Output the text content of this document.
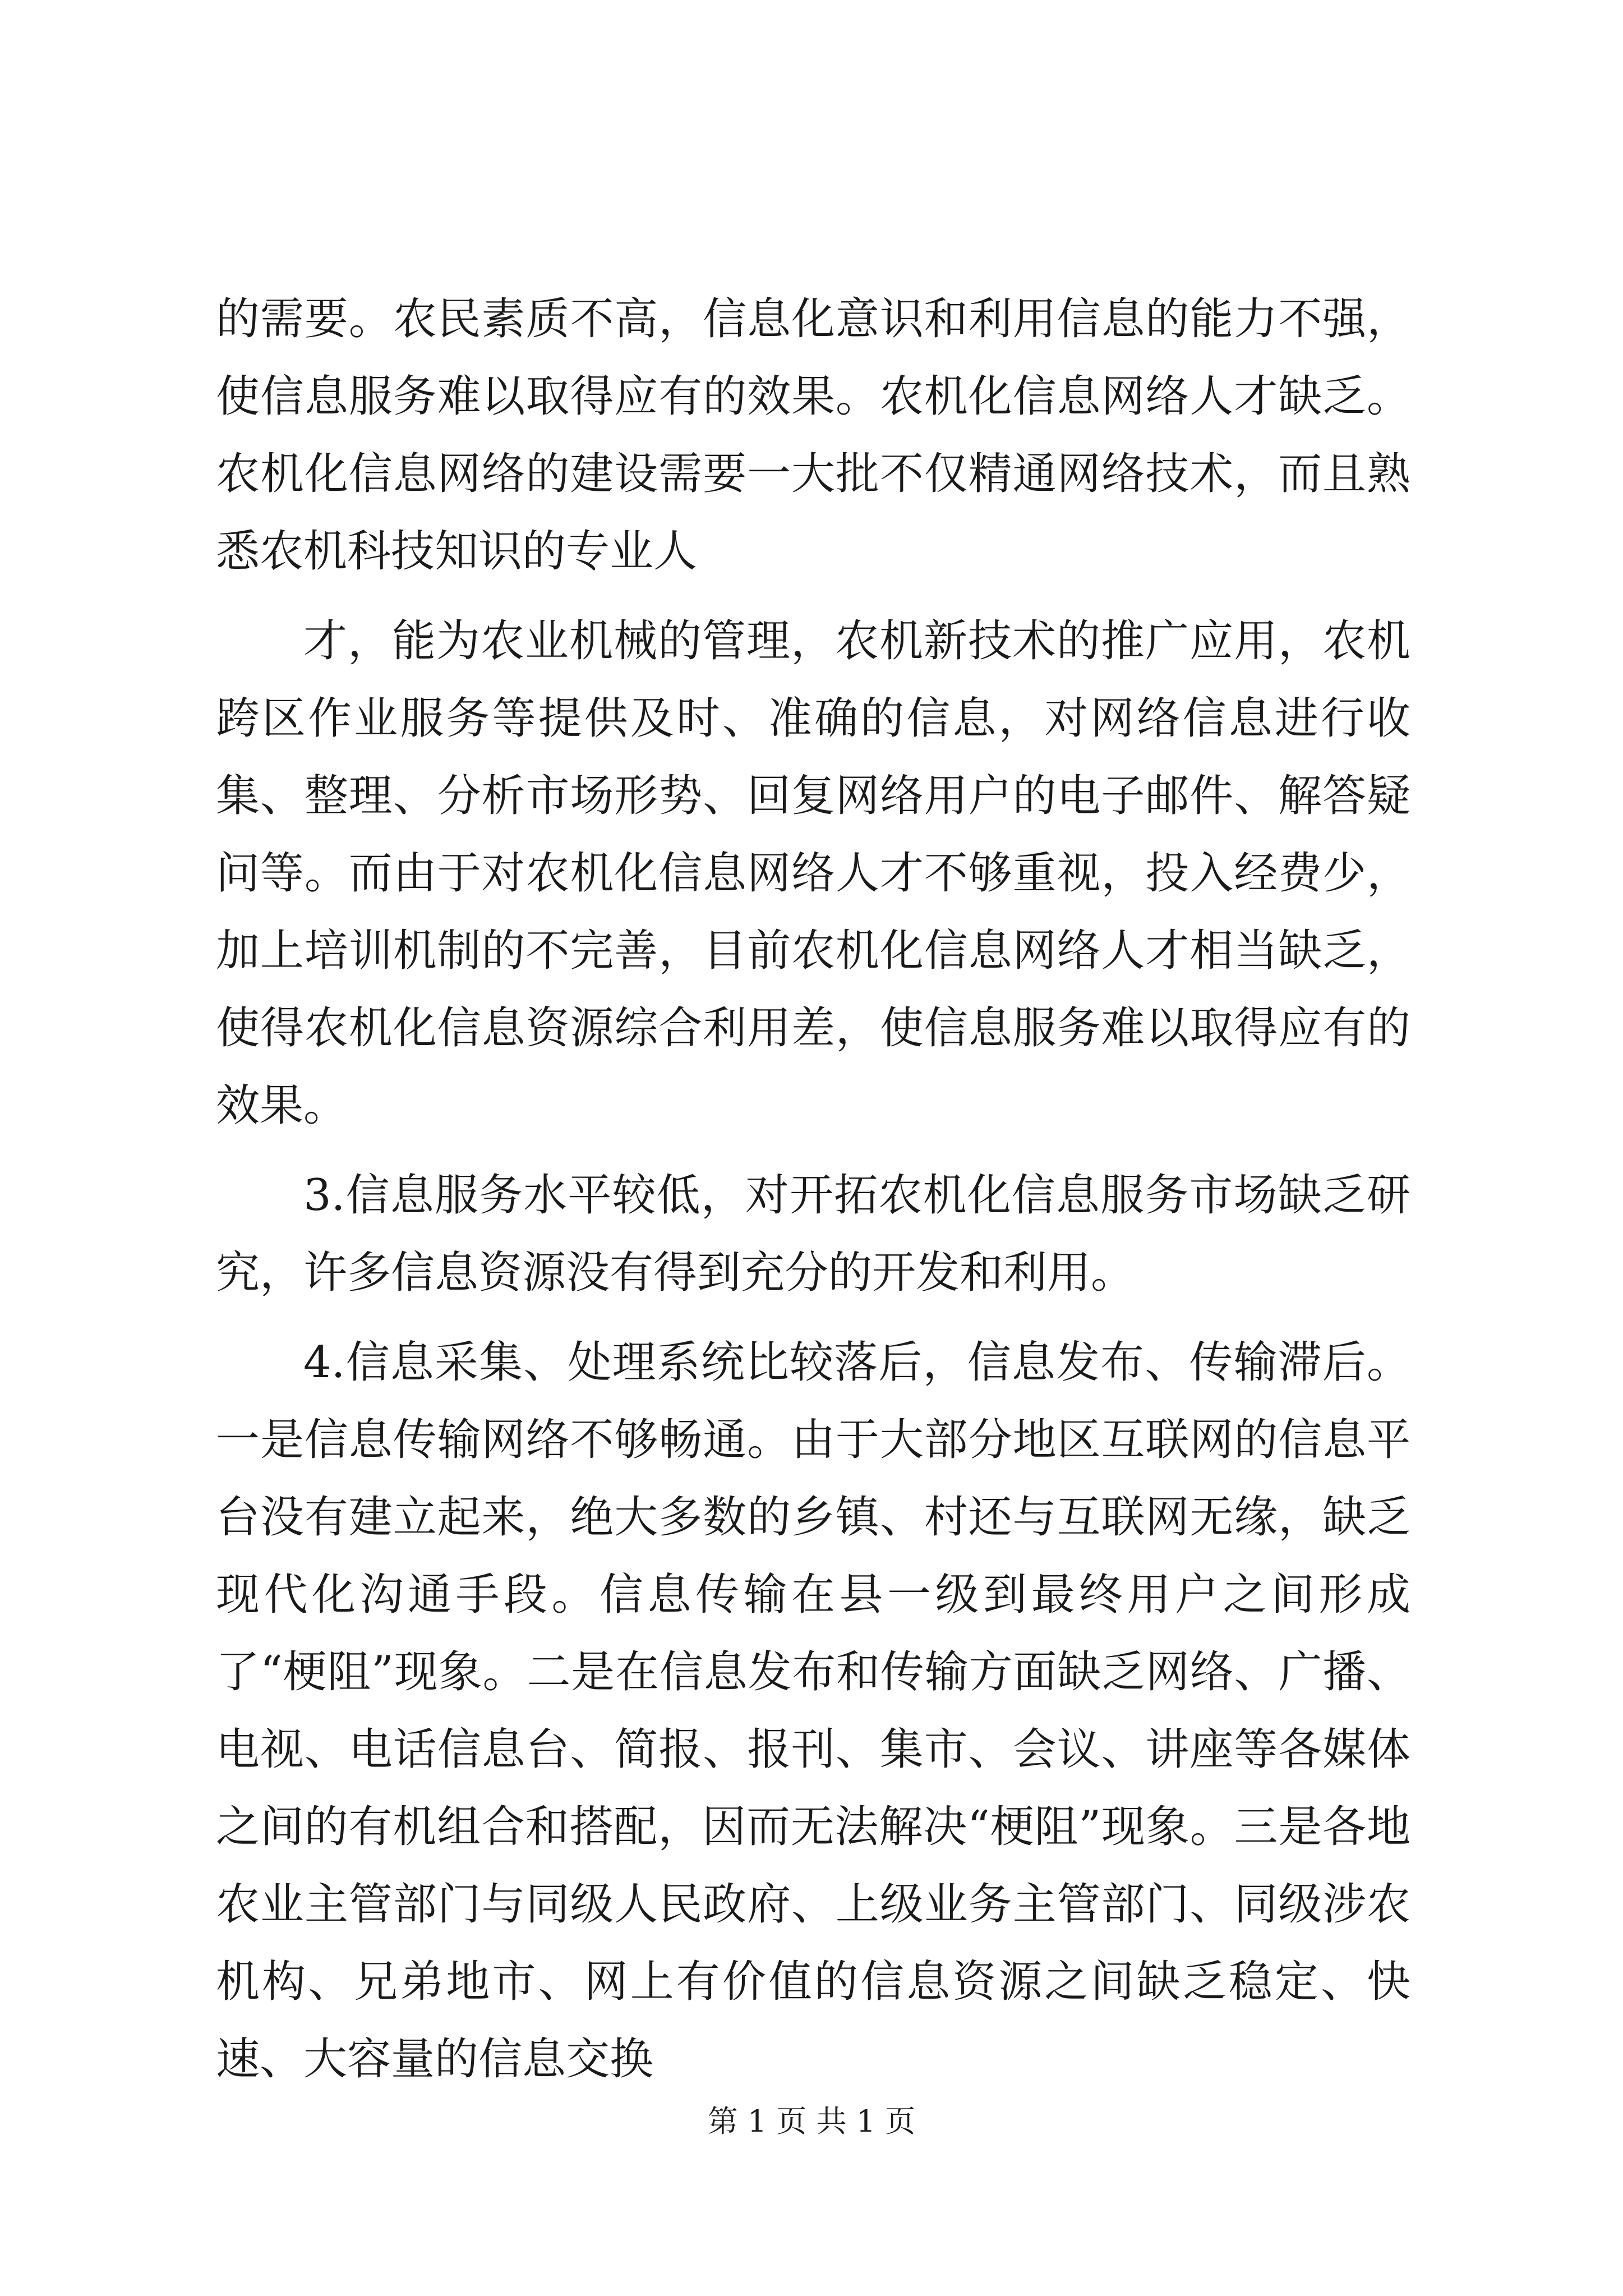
的需要。农民素质不高，信息化意识和利用信息的能力不强，使信息服务难以取得应有的效果。农机化信息网络人才缺乏。农机化信息网络的建设需要一大批不仅精通网络技术，而且熟悉农机科技知识的专业人

才，能为农业机械的管理，农机新技术的推广应用，农机跨区作业服务等提供及时、准确的信息，对网络信息进行收集、整理、分析市场形势、回复网络用户的电子邮件、解答疑问等。而由于对农机化信息网络人才不够重视，投入经费少，加上培训机制的不完善，目前农机化信息网络人才相当缺乏，使得农机化信息资源综合利用差，使信息服务难以取得应有的效果。

3.信息服务水平较低，对开拓农机化信息服务市场缺乏研究，许多信息资源没有得到充分的开发和利用。

4.信息采集、处理系统比较落后，信息发布、传输滞后。一是信息传输网络不够畅通。由于大部分地区互联网的信息平台没有建立起来，绝大多数的乡镇、村还与互联网无缘，缺乏现代化沟通手段。信息传输在县一级到最终用户之间形成了“梗阻”现象。二是在信息发布和传输方面缺乏网络、广播、电视、电话信息台、简报、报刊、集市、会议、讲座等各媒体之间的有机组合和搭配，因而无法解决“梗阻”现象。三是各地农业主管部门与同级人民政府、上级业务主管部门、同级涉农机构、兄弟地市、网上有价值的信息资源之间缺乏稳定、快速、大容量的信息交换

第 1 页 共 1 页
